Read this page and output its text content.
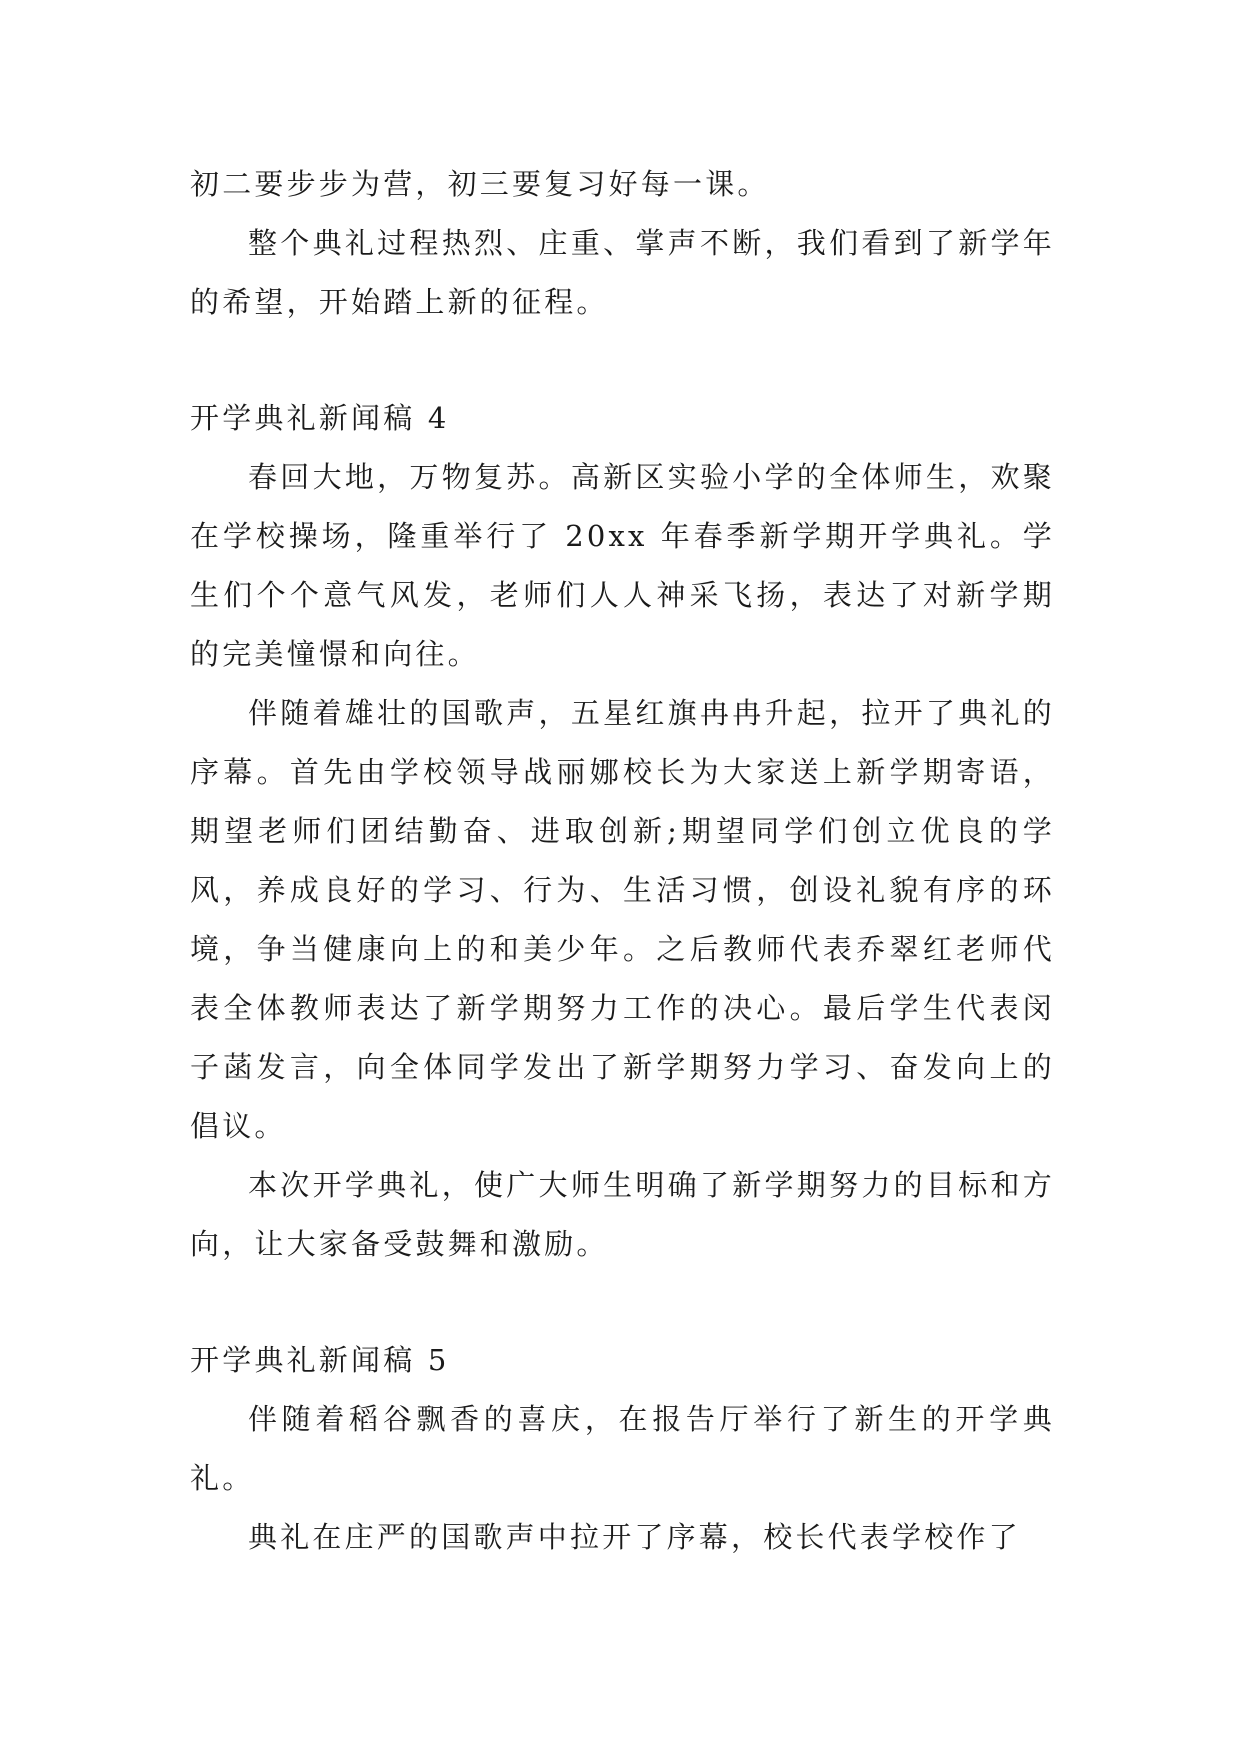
初二要步步为营，初三要复习好每一课。

整个典礼过程热烈、庄重、掌声不断，我们看到了新学年的希望，开始踏上新的征程。

开学典礼新闻稿 4

春回大地，万物复苏。高新区实验小学的全体师生，欢聚在学校操场，隆重举行了 20xx 年春季新学期开学典礼。学生们个个意气风发，老师们人人神采飞扬，表达了对新学期的完美憧憬和向往。

伴随着雄壮的国歌声，五星红旗冉冉升起，拉开了典礼的序幕。首先由学校领导战丽娜校长为大家送上新学期寄语，期望老师们团结勤奋、进取创新;期望同学们创立优良的学风，养成良好的学习、行为、生活习惯，创设礼貌有序的环境，争当健康向上的和美少年。之后教师代表乔翠红老师代表全体教师表达了新学期努力工作的决心。最后学生代表闵子菡发言，向全体同学发出了新学期努力学习、奋发向上的倡议。

本次开学典礼，使广大师生明确了新学期努力的目标和方向，让大家备受鼓舞和激励。

开学典礼新闻稿 5

伴随着稻谷飘香的喜庆，在报告厅举行了新生的开学典礼。

典礼在庄严的国歌声中拉开了序幕，校长代表学校作了
